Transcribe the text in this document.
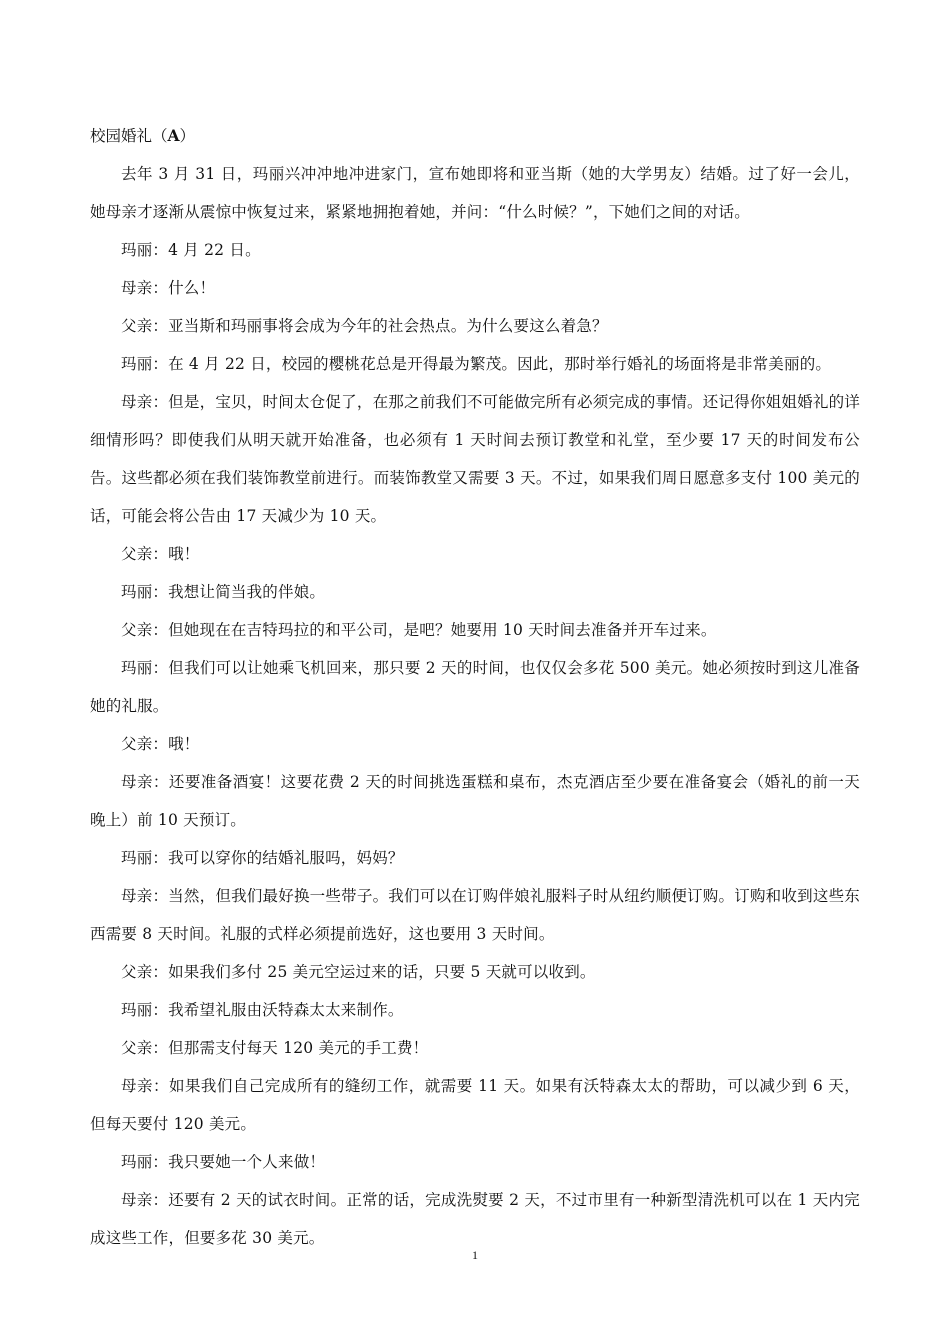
校园婚礼（A）

去年 3 月 31 日，玛丽兴冲冲地冲进家门，宣布她即将和亚当斯（她的大学男友）结婚。过了好一会儿，她母亲才逐渐从震惊中恢复过来，紧紧地拥抱着她，并问：“什么时候？”，下她们之间的对话。

玛丽：4 月 22 日。

母亲：什么！

父亲：亚当斯和玛丽事将会成为今年的社会热点。为什么要这么着急？

玛丽：在 4 月 22 日，校园的樱桃花总是开得最为繁茂。因此，那时举行婚礼的场面将是非常美丽的。

母亲：但是，宝贝，时间太仓促了，在那之前我们不可能做完所有必须完成的事情。还记得你姐姐婚礼的详细情形吗？即使我们从明天就开始准备，也必须有 1 天时间去预订教堂和礼堂，至少要 17 天的时间发布公告。这些都必须在我们装饰教堂前进行。而装饰教堂又需要 3 天。不过，如果我们周日愿意多支付 100 美元的话，可能会将公告由 17 天减少为 10 天。

父亲：哦！

玛丽：我想让简当我的伴娘。

父亲：但她现在在吉特玛拉的和平公司，是吧？她要用 10 天时间去准备并开车过来。

玛丽：但我们可以让她乘飞机回来，那只要 2 天的时间，也仅仅会多花 500 美元。她必须按时到这儿准备她的礼服。

父亲：哦！

母亲：还要准备酒宴！这要花费 2 天的时间挑选蛋糕和桌布，杰克酒店至少要在准备宴会（婚礼的前一天晚上）前 10 天预订。

玛丽：我可以穿你的结婚礼服吗，妈妈？

母亲：当然，但我们最好换一些带子。我们可以在订购伴娘礼服料子时从纽约顺便订购。订购和收到这些东西需要 8 天时间。礼服的式样必须提前选好，这也要用 3 天时间。

父亲：如果我们多付 25 美元空运过来的话，只要 5 天就可以收到。

玛丽：我希望礼服由沃特森太太来制作。

父亲：但那需支付每天 120 美元的手工费！

母亲：如果我们自己完成所有的缝纫工作，就需要 11 天。如果有沃特森太太的帮助，可以减少到 6 天，但每天要付 120 美元。

玛丽：我只要她一个人来做！

母亲：还要有 2 天的试衣时间。正常的话，完成洗熨要 2 天，不过市里有一种新型清洗机可以在 1 天内完成这些工作，但要多花 30 美元。

1
